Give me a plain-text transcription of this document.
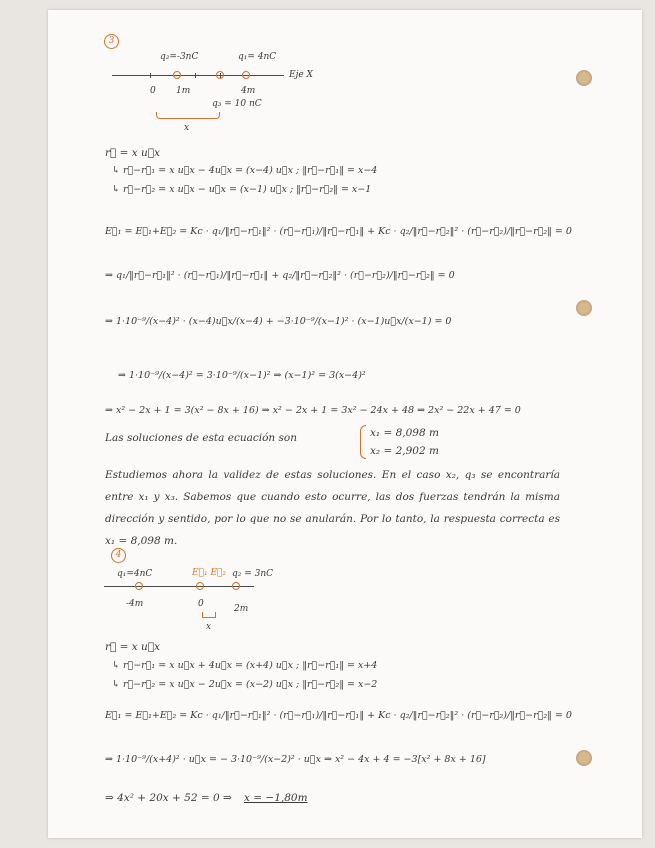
3
q₂=-3nC	q₁= 4nC
Eje X
0 1m	4m
q₃ = 10 nC
x
r⃗ = x u⃗x
↳ r⃗−r⃗₁ = x u⃗x − 4u⃗x = (x−4) u⃗x ; ‖r⃗−r⃗₁‖ = x−4
↳ r⃗−r⃗₂ = x u⃗x − u⃗x = (x−1) u⃗x ; ‖r⃗−r⃗₂‖ = x−1
E⃗₁ = E⃗₁+E⃗₂ = Kc · q₁/‖r⃗−r⃗₁‖² · (r⃗−r⃗₁)/‖r⃗−r⃗₁‖ + Kc · q₂/‖r⃗−r⃗₂‖² · (r⃗−r⃗₂)/‖r⃗−r⃗₂‖ = 0
⇒ q₁/‖r⃗−r⃗₁‖² · (r⃗−r⃗₁)/‖r⃗−r⃗₁‖ + q₂/‖r⃗−r⃗₂‖² · (r⃗−r⃗₂)/‖r⃗−r⃗₂‖ = 0
⇒ 1·10⁻⁹/(x−4)² · (x−4)u⃗x/(x−4) + −3·10⁻⁹/(x−1)² · (x−1)u⃗x/(x−1) = 0
⇒ 1·10⁻⁹/(x−4)² = 3·10⁻⁹/(x−1)² ⇒ (x−1)² = 3(x−4)²
⇒ x² − 2x + 1 = 3(x² − 8x + 16) ⇒ x² − 2x + 1 = 3x² − 24x + 48 ⇒ 2x² − 22x + 47 = 0
Las soluciones de esta ecuación son	x₁ = 8,098 m
x₂ = 2,902 m
Estudiemos ahora la validez de estas soluciones. En el caso x₂, q₃ se encontraría entre x₁ y x₃. Sabemos que cuando esto ocurre, las dos fuerzas tendrán la misma dirección y sentido, por lo que no se anularán. Por lo tanto, la respuesta correcta es x₁ = 8,098 m.
4
q₁=4nC	E⃗₁ E⃗₂ q₂ = 3nC
-4m	0	2m
x
r⃗ = x u⃗x
↳ r⃗−r⃗₁ = x u⃗x + 4u⃗x = (x+4) u⃗x ; ‖r⃗−r⃗₁‖ = x+4
↳ r⃗−r⃗₂ = x u⃗x − 2u⃗x = (x−2) u⃗x ; ‖r⃗−r⃗₂‖ = x−2
E⃗₁ = E⃗₁+E⃗₂ = Kc · q₁/‖r⃗−r⃗₁‖² · (r⃗−r⃗₁)/‖r⃗−r⃗₁‖ + Kc · q₂/‖r⃗−r⃗₂‖² · (r⃗−r⃗₂)/‖r⃗−r⃗₂‖ = 0
⇒ 1·10⁻⁹/(x+4)² · u⃗x = − 3·10⁻⁹/(x−2)² · u⃗x ⇒ x² − 4x + 4 = −3[x² + 8x + 16]
⇒ 4x² + 20x + 52 = 0 ⇒ x = −1,80m
